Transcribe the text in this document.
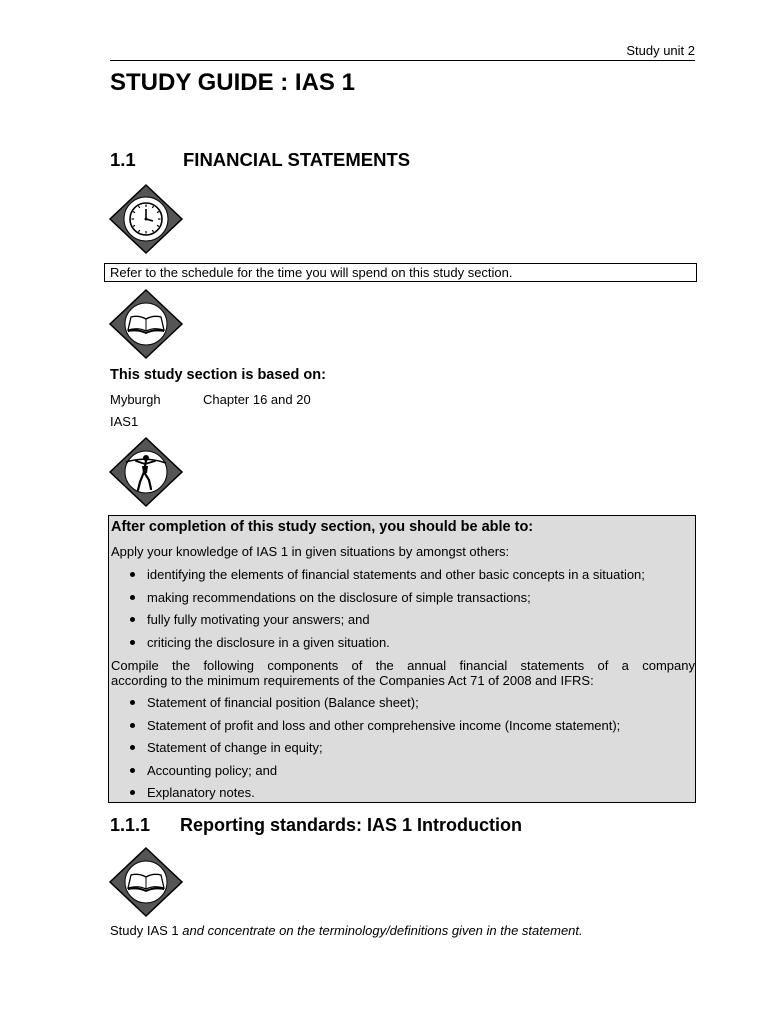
Study unit 2
STUDY GUIDE : IAS 1
1.1	FINANCIAL STATEMENTS
Refer to the schedule for the time you will spend on this study section.
This study section is based on:
Myburgh	Chapter 16 and 20
IAS1
After completion of this study section, you should be able to:
Apply your knowledge of IAS 1 in given situations by amongst others:
identifying the elements of financial statements and other basic concepts in a situation;
making recommendations on the disclosure of simple transactions;
fully fully motivating your answers; and
criticing the disclosure in a given situation.
Compile the following components of the annual financial statements of a company
according to the minimum requirements of the Companies Act 71 of 2008 and IFRS:
Statement of financial position (Balance sheet);
Statement of profit and loss and other comprehensive income (Income statement);
Statement of change in equity;
Accounting policy; and
Explanatory notes.
1.1.1 Reporting standards: IAS 1 Introduction
Study IAS 1 and concentrate on the terminology/definitions given in the statement.
